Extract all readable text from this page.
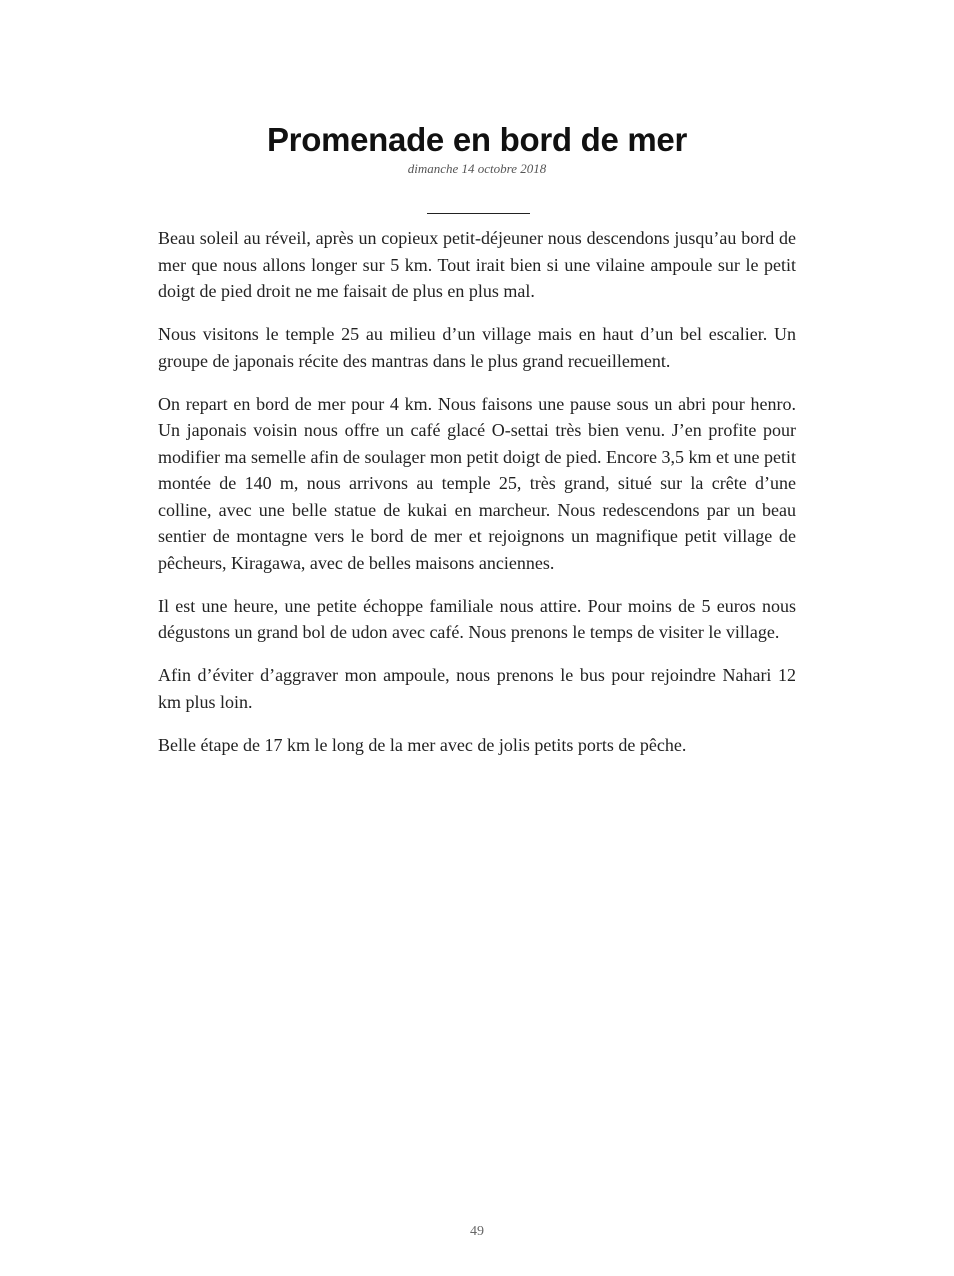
Promenade en bord de mer
dimanche 14 octobre 2018

Beau soleil au réveil, après un copieux petit-déjeuner nous descendons jusqu’au bord de mer que nous allons longer sur 5 km. Tout irait bien si une vilaine ampoule sur le petit doigt de pied droit ne me faisait de plus en plus mal.

Nous visitons le temple 25 au milieu d’un village mais en haut d’un bel escalier. Un groupe de japonais récite des mantras dans le plus grand recueillement.

On repart en bord de mer pour 4 km. Nous faisons une pause sous un abri pour henro. Un japonais voisin nous offre un café glacé O-settai très bien venu. J’en profite pour modifier ma semelle afin de soulager mon petit doigt de pied. Encore 3,5 km et une petit montée de 140 m, nous arrivons au temple 25, très grand, situé sur la crête d’une colline, avec une belle statue de kukai en marcheur. Nous redescendons par un beau sentier de montagne vers le bord de mer et rejoignons un magnifique petit village de pêcheurs, Kiragawa, avec de belles maisons anciennes.

Il est une heure, une petite échoppe familiale nous attire. Pour moins de 5 euros nous dégustons un grand bol de udon avec café. Nous prenons le temps de visiter le village.

Afin d’éviter d’aggraver mon ampoule, nous prenons le bus pour rejoindre Nahari 12 km plus loin.

Belle étape de 17 km le long de la mer avec de jolis petits ports de pêche.

49
